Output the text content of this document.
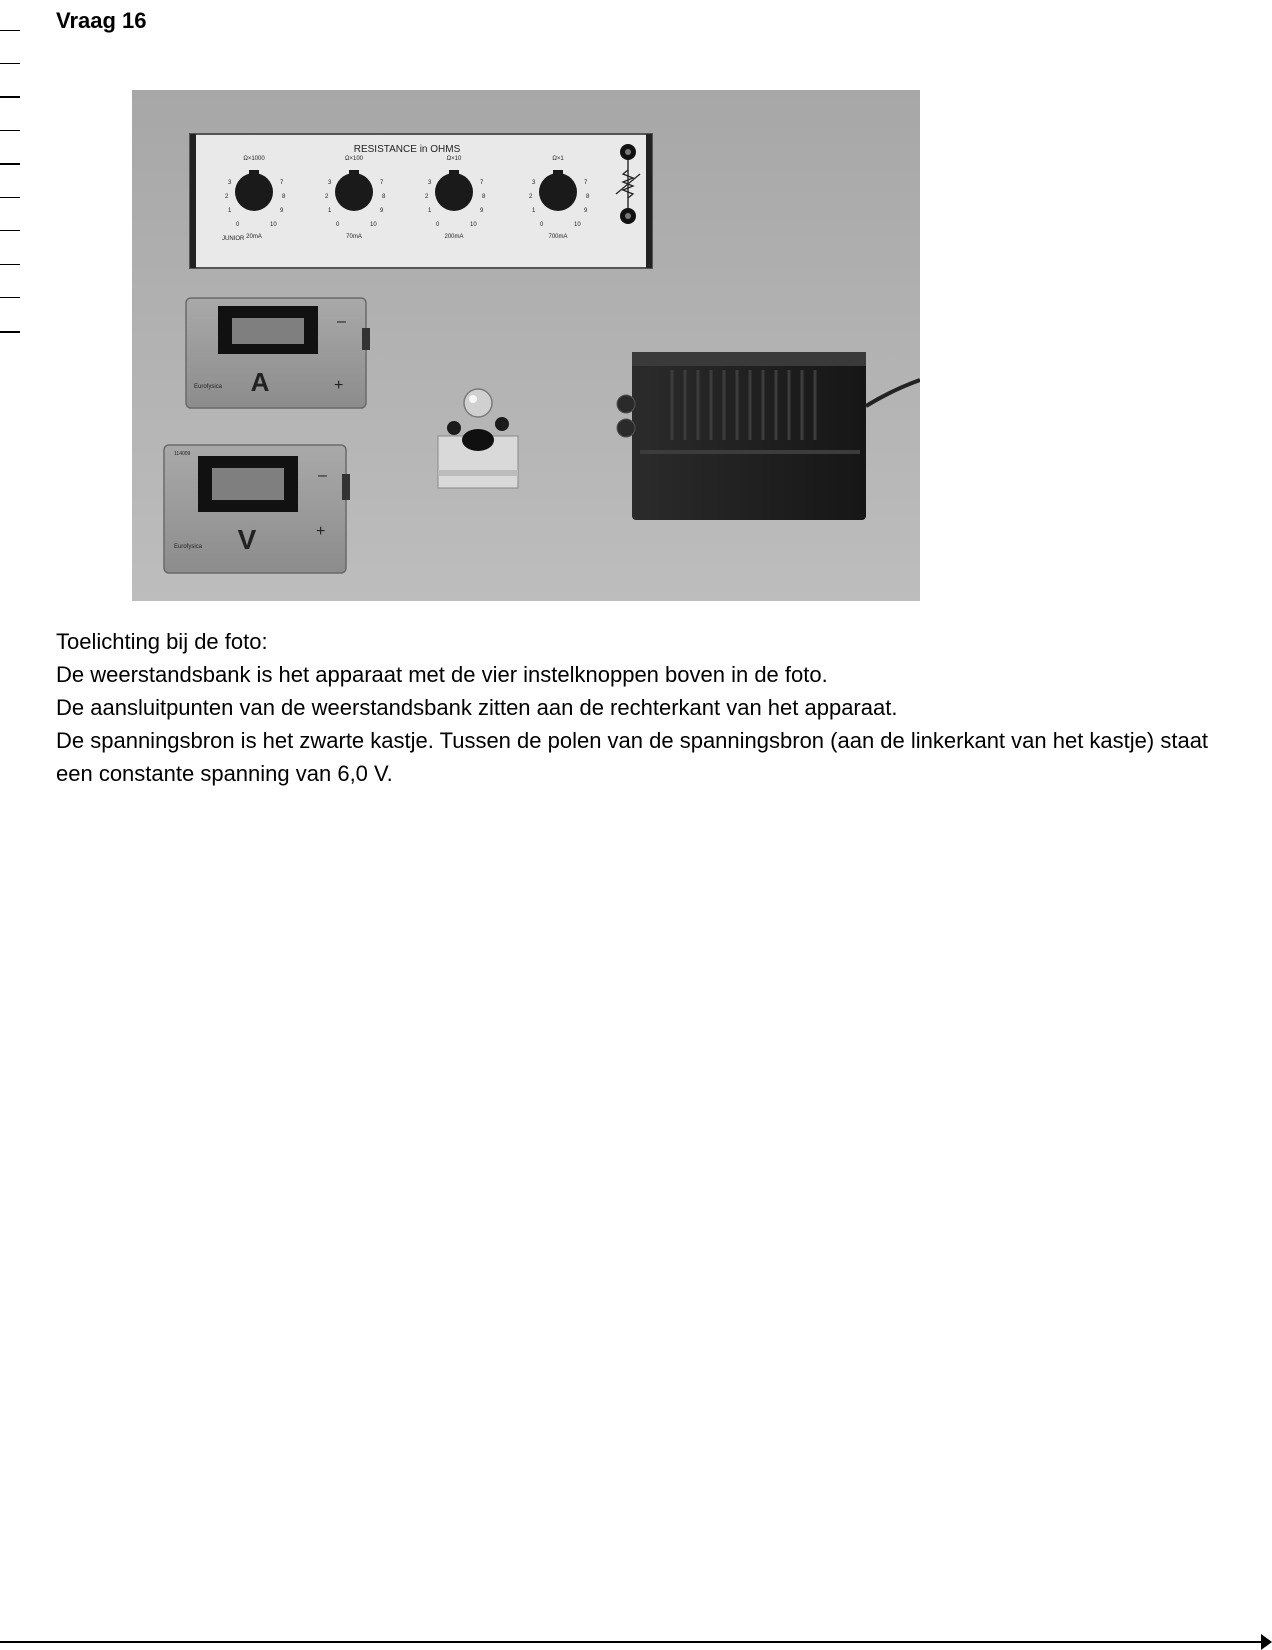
Vraag 16
RESISTANCE in OHMS
Ω×1000
3
2
1
7
8
9
0	10
20mA
Ω×100
3
2
1
7
8
9
0	10
70mA
Ω×10
3
2
1
7
8
9
0	10
200mA
Ω×1
3
2
1
7
8
9
0	10
700mA
JUNIOR
A
–
+
Eurofysica
114009
V
–
+
Eurofysica

Toelichting bij de foto:

De weerstandsbank is het apparaat met de vier instelknoppen boven in de foto.

De aansluitpunten van de weerstandsbank zitten aan de rechterkant van het apparaat.

De spanningsbron is het zwarte kastje. Tussen de polen van de spanningsbron (aan de linkerkant van het kastje) staat een constante spanning van 6,0 V.
